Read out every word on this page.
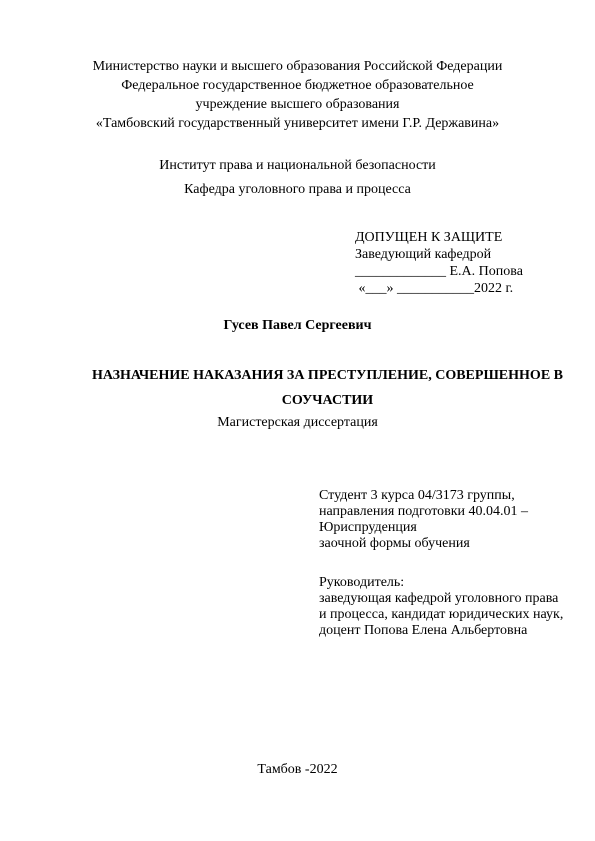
Министерство науки и высшего образования Российской Федерации
Федеральное государственное бюджетное образовательное
учреждение высшего образования
«Тамбовский государственный университет имени Г.Р. Державина»
Институт права и национальной безопасности
Кафедра уголовного права и процесса
ДОПУЩЕН К ЗАЩИТЕ
Заведующий кафедрой
_____________ Е.А. Попова
«___» ___________2022 г.
Гусев Павел Сергеевич
НАЗНАЧЕНИЕ НАКАЗАНИЯ ЗА ПРЕСТУПЛЕНИЕ, СОВЕРШЕННОЕ В
СОУЧАСТИИ
Магистерская диссертация
Студент 3 курса 04/3173 группы,
направления подготовки 40.04.01 –
Юриспруденция
заочной формы обучения
Руководитель:
заведующая кафедрой уголовного права
и процесса, кандидат юридических наук,
доцент Попова Елена Альбертовна
Тамбов -2022
